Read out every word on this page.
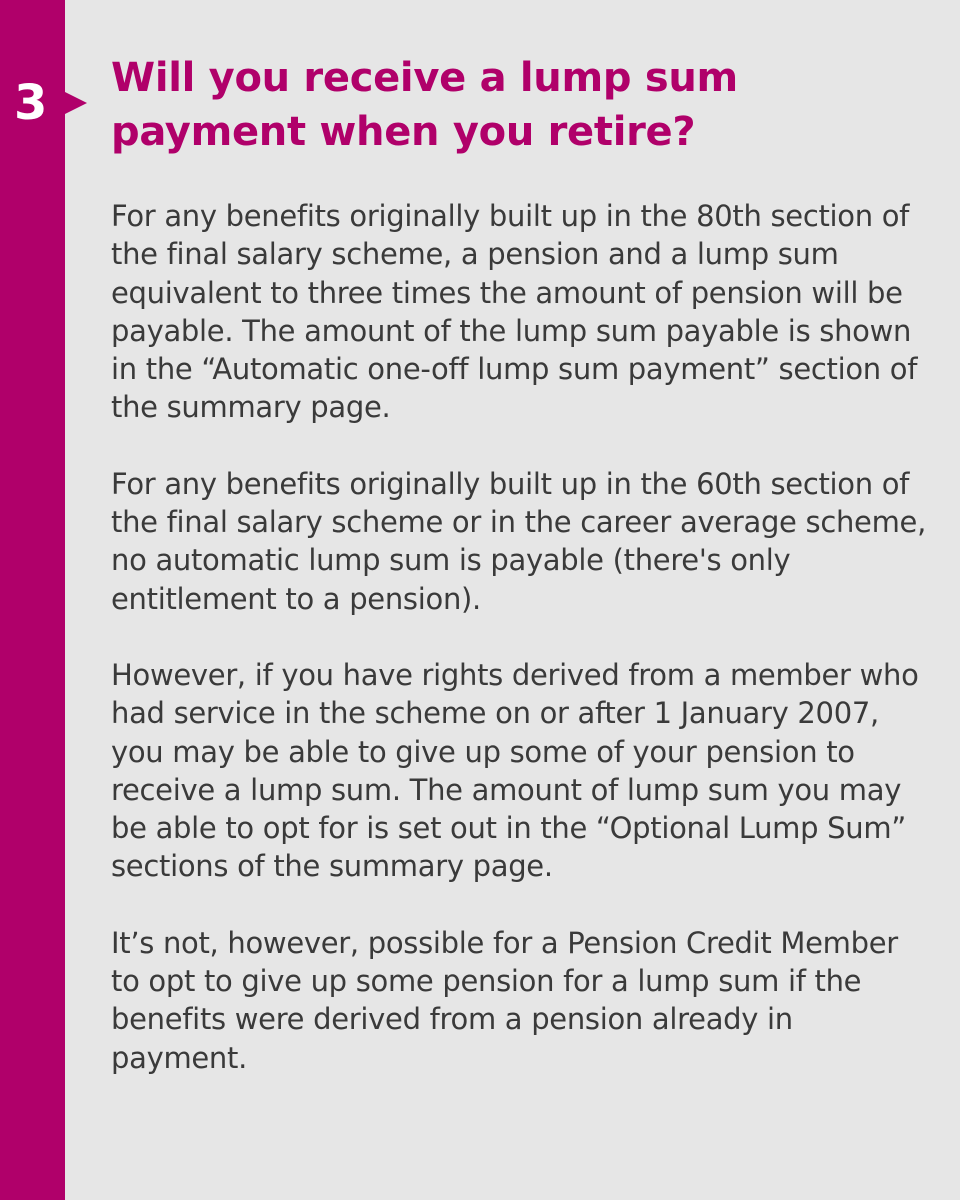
3 Will you receive a lump sum payment when you retire?

For any benefits originally built up in the 80th section of the final salary scheme, a pension and a lump sum equivalent to three times the amount of pension will be payable. The amount of the lump sum payable is shown in the “Automatic one-off lump sum payment” section of the summary page.

For any benefits originally built up in the 60th section of the final salary scheme or in the career average scheme, no automatic lump sum is payable (there's only entitlement to a pension).

However, if you have rights derived from a member who had service in the scheme on or after 1 January 2007, you may be able to give up some of your pension to receive a lump sum. The amount of lump sum you may be able to opt for is set out in the “Optional Lump Sum” sections of the summary page.

It’s not, however, possible for a Pension Credit Member to opt to give up some pension for a lump sum if the benefits were derived from a pension already in payment.
